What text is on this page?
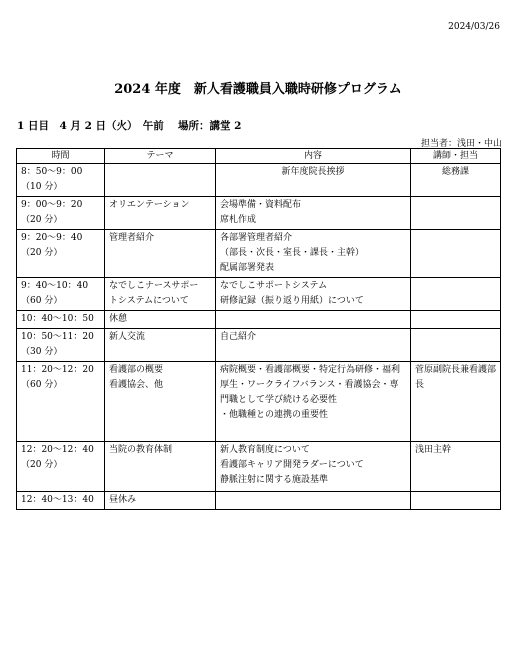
2024/03/26
2024 年度　新人看護職員入職時研修プログラム
1 日目　4 月 2 日（火）　午前　 場所：講堂 2
担当者：浅田・中山
時間	テーマ	内容	講師・担当

8：50～9：00
（10 分）		新年度院長挨拶	総務課

9：00～9：20
（20 分）	オリエンテーション	会場準備・資料配布
席札作成	

9：20～9：40
（20 分）	管理者紹介	各部署管理者紹介
（部長・次長・室長・課長・主幹）
配属部署発表	

9：40～10：40
（60 分）	なでしこナースサポー
トシステムについて	なでしこサポートシステム
研修記録（振り返り用紙）について	

10：40～10：50	休憩		

10：50～11：20
（30 分）	新人交流	自己紹介	

11：20～12：20
（60 分）	看護部の概要
看護協会、他	病院概要・看護部概要・特定行為研修・福利厚生・ワークライフバランス・看護協会・専門職として学び続ける必要性
・他職種との連携の重要性	菅原副院長兼看護部長

12：20～12：40
（20 分）	当院の教育体制	新人教育制度について
看護部キャリア開発ラダーについて
静脈注射に関する施設基準	浅田主幹

12：40～13：40	昼休み		
